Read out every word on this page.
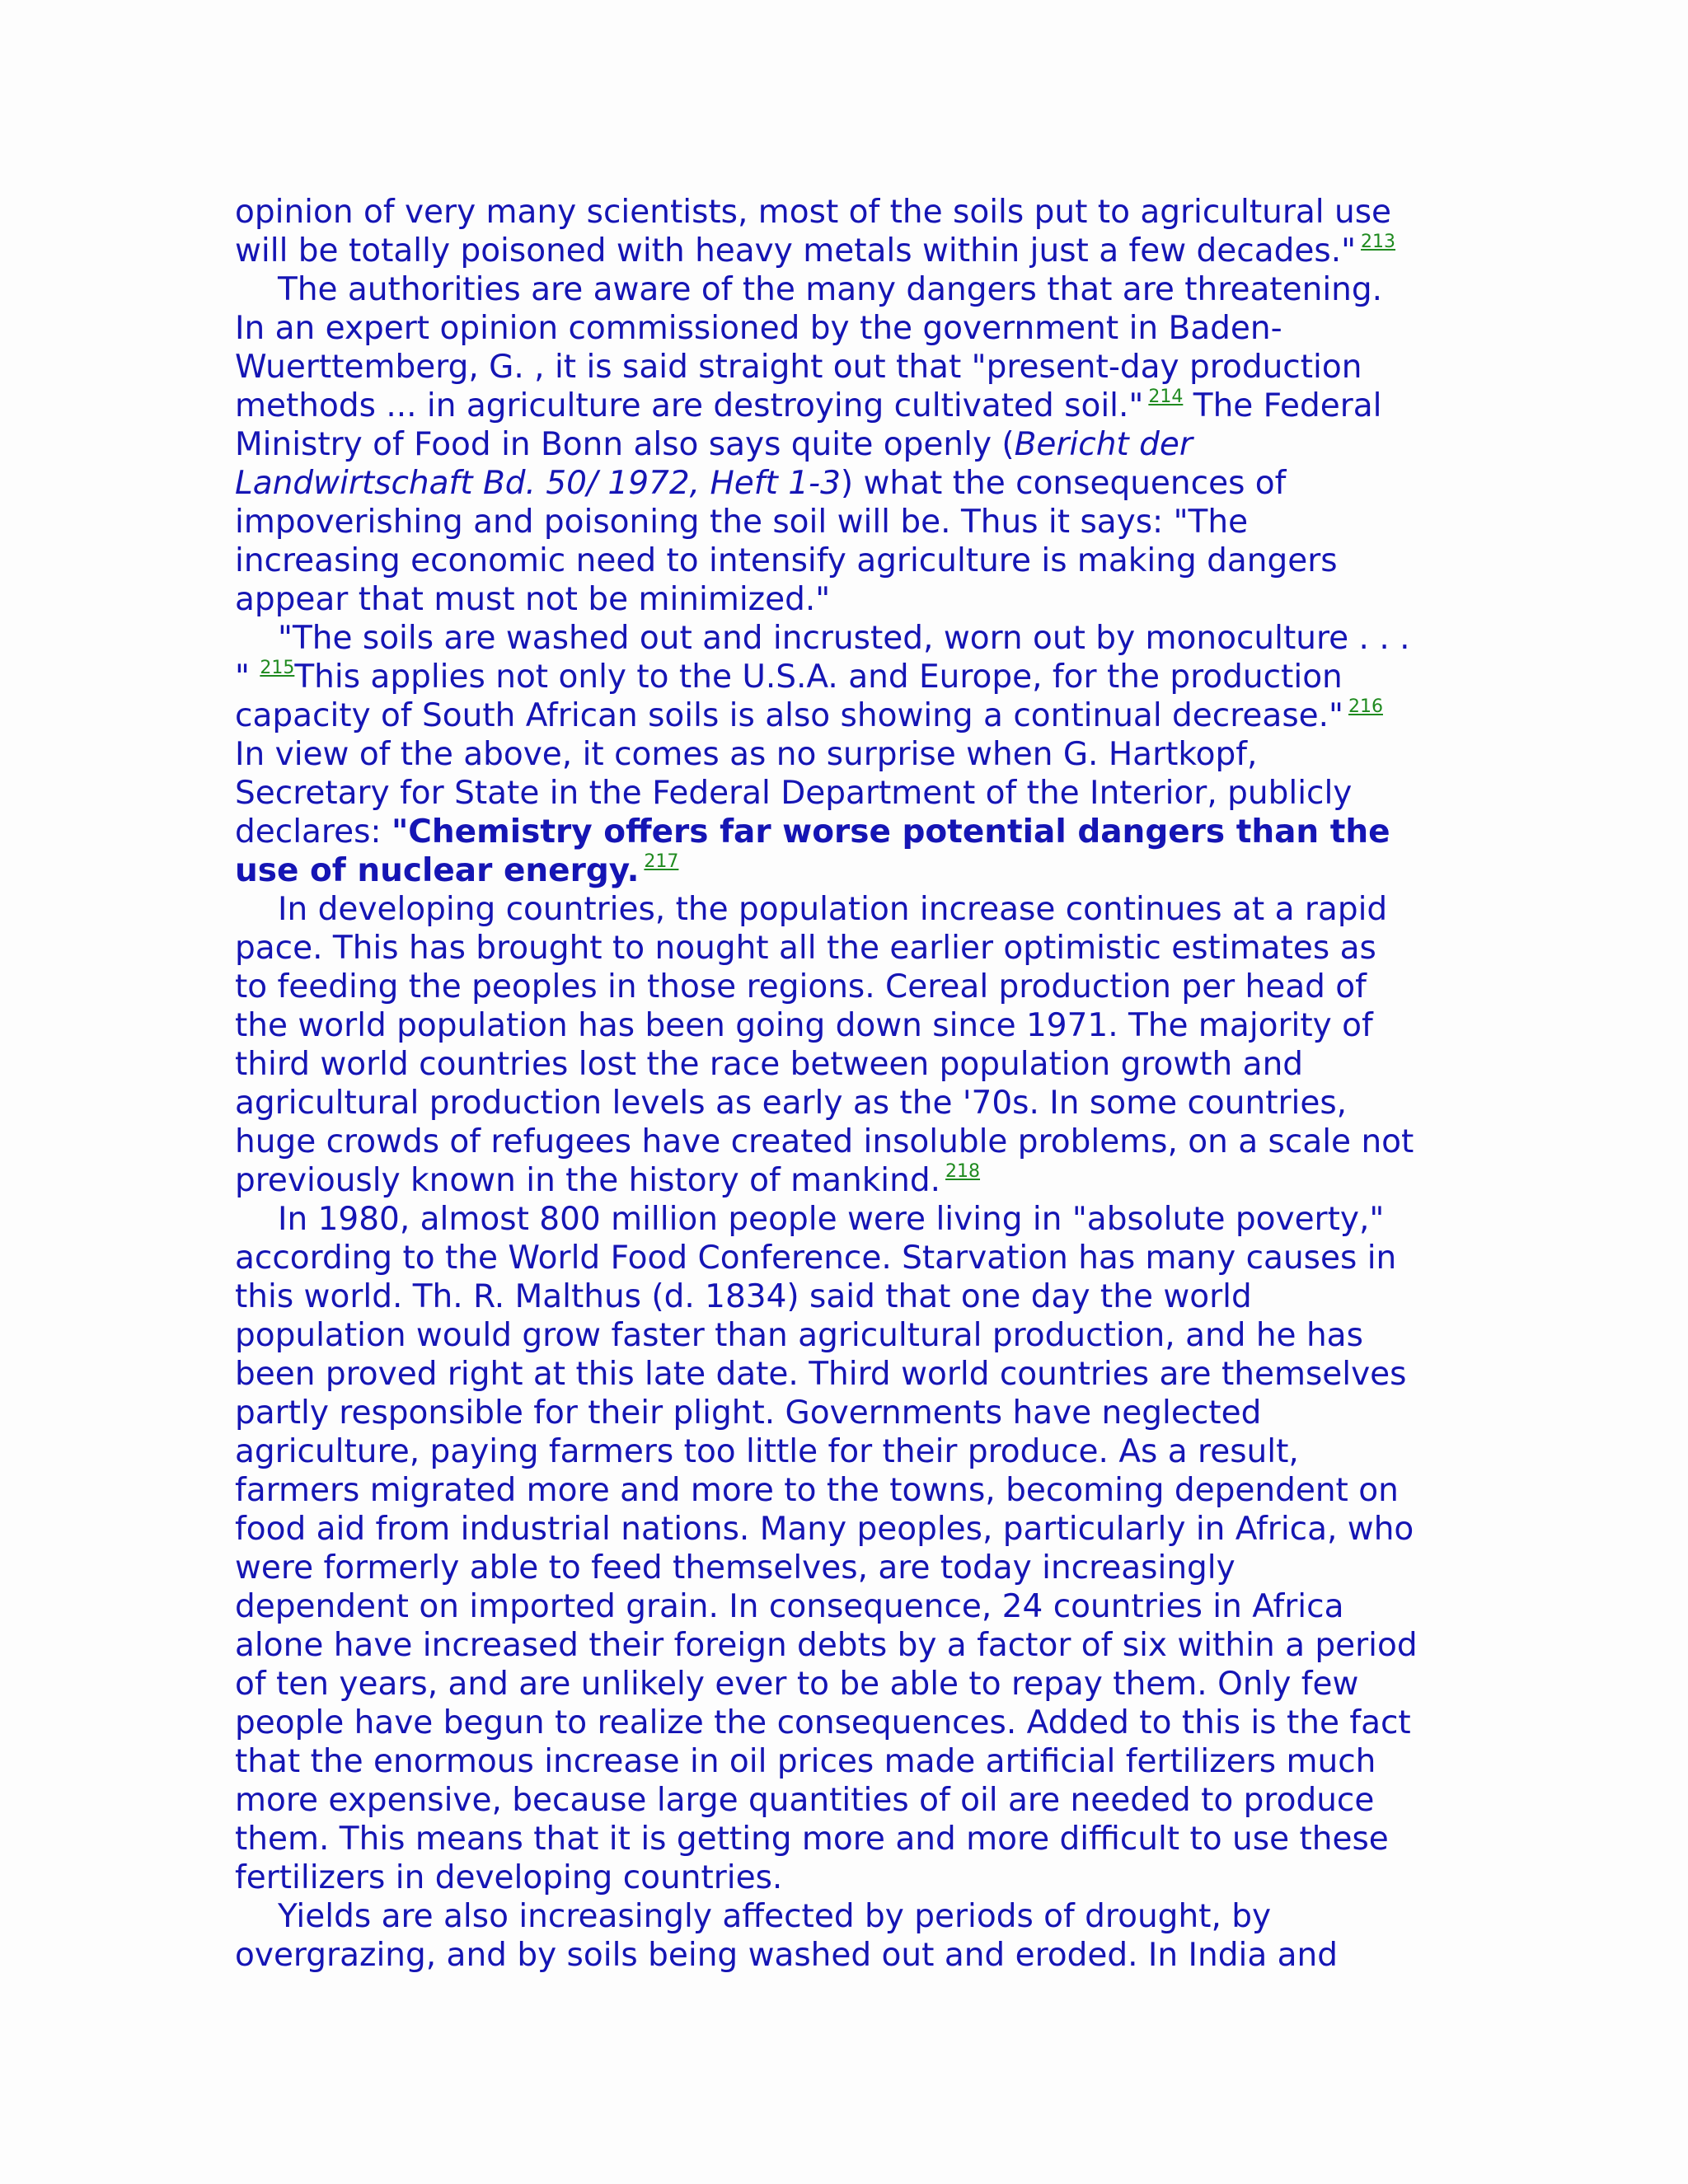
opinion of very many scientists, most of the soils put to agricultural use
will be totally poisoned with heavy metals within just a few decades." $^{213}$
The authorities are aware of the many dangers that are threatening.
In an expert opinion commissioned by the government in Baden-
Wuerttemberg, G. , it is said straight out that "present-day production
methods ... in agriculture are destroying cultivated soil." $^{214}$ The Federal
Ministry of Food in Bonn also says quite openly (Bericht der
Landwirtschaft Bd. 50/ 1972, Heft 1-3) what the consequences of
impoverishing and poisoning the soil will be. Thus it says: "The
increasing economic need to intensify agriculture is making dangers
appear that must not be minimized."
"The soils are washed out and incrusted, worn out by monoculture . . .
" $^{215}$This applies not only to the U.S.A. and Europe, for the production
capacity of South African soils is also showing a continual decrease." $^{216}$
In view of the above, it comes as no surprise when G. Hartkopf,
Secretary for State in the Federal Department of the Interior, publicly
declares: "Chemistry offers far worse potential dangers than the
use of nuclear energy. $^{217}$
In developing countries, the population increase continues at a rapid
pace. This has brought to nought all the earlier optimistic estimates as
to feeding the peoples in those regions. Cereal production per head of
the world population has been going down since 1971. The majority of
third world countries lost the race between population growth and
agricultural production levels as early as the '70s. In some countries,
huge crowds of refugees have created insoluble problems, on a scale not
previously known in the history of mankind. $^{218}$
In 1980, almost 800 million people were living in "absolute poverty,"
according to the World Food Conference. Starvation has many causes in
this world. Th. R. Malthus (d. 1834) said that one day the world
population would grow faster than agricultural production, and he has
been proved right at this late date. Third world countries are themselves
partly responsible for their plight. Governments have neglected
agriculture, paying farmers too little for their produce. As a result,
farmers migrated more and more to the towns, becoming dependent on
food aid from industrial nations. Many peoples, particularly in Africa, who
were formerly able to feed themselves, are today increasingly
dependent on imported grain. In consequence, 24 countries in Africa
alone have increased their foreign debts by a factor of six within a period
of ten years, and are unlikely ever to be able to repay them. Only few
people have begun to realize the consequences. Added to this is the fact
that the enormous increase in oil prices made artificial fertilizers much
more expensive, because large quantities of oil are needed to produce
them. This means that it is getting more and more difficult to use these
fertilizers in developing countries.
Yields are also increasingly affected by periods of drought, by
overgrazing, and by soils being washed out and eroded. In India and
